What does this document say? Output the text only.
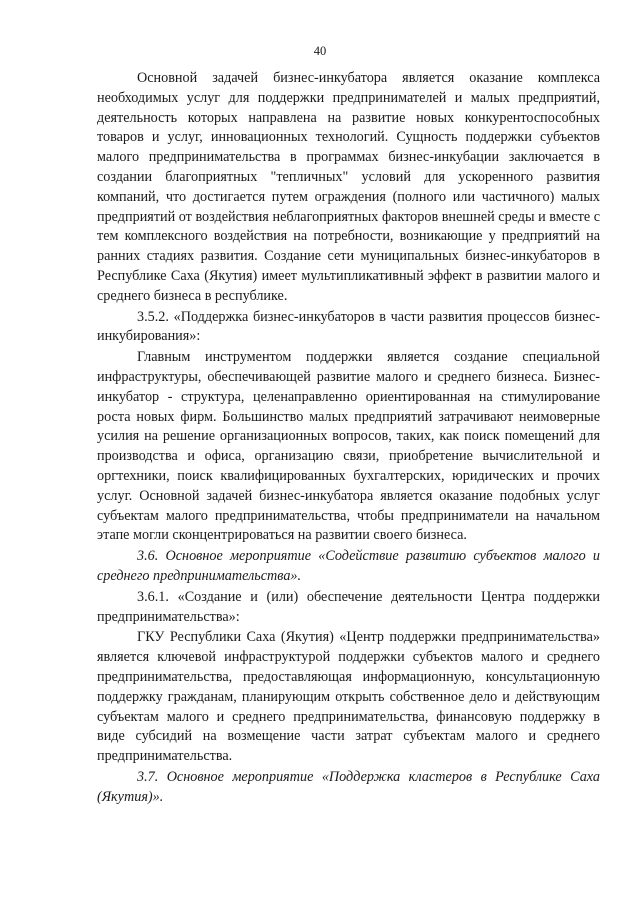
40

Основной задачей бизнес-инкубатора является оказание комплекса необходимых услуг для поддержки предпринимателей и малых предприятий, деятельность которых направлена на развитие новых конкурентоспособных товаров и услуг, инновационных технологий. Сущность поддержки субъектов малого предпринимательства в программах бизнес-инкубации заключается в создании благоприятных "тепличных" условий для ускоренного развития компаний, что достигается путем ограждения (полного или частичного) малых предприятий от воздействия неблагоприятных факторов внешней среды и вместе с тем комплексного воздействия на потребности, возникающие у предприятий на ранних стадиях развития. Создание сети муниципальных бизнес-инкубаторов в Республике Саха (Якутия) имеет мультипликативный эффект в развитии малого и среднего бизнеса в республике.

3.5.2. «Поддержка бизнес-инкубаторов в части развития процессов бизнес-инкубирования»:

Главным инструментом поддержки является создание специальной инфраструктуры, обеспечивающей развитие малого и среднего бизнеса. Бизнес-инкубатор - структура, целенаправленно ориентированная на стимулирование роста новых фирм. Большинство малых предприятий затрачивают неимоверные усилия на решение организационных вопросов, таких, как поиск помещений для производства и офиса, организацию связи, приобретение вычислительной и оргтехники, поиск квалифицированных бухгалтерских, юридических и прочих услуг. Основной задачей бизнес-инкубатора является оказание подобных услуг субъектам малого предпринимательства, чтобы предприниматели на начальном этапе могли сконцентрироваться на развитии своего бизнеса.

3.6. Основное мероприятие «Содействие развитию субъектов малого и среднего предпринимательства».

3.6.1. «Создание и (или) обеспечение деятельности Центра поддержки предпринимательства»:

ГКУ Республики Саха (Якутия) «Центр поддержки предпринимательства» является ключевой инфраструктурой поддержки субъектов малого и среднего предпринимательства, предоставляющая информационную, консультационную поддержку гражданам, планирующим открыть собственное дело и действующим субъектам малого и среднего предпринимательства, финансовую поддержку в виде субсидий на возмещение части затрат субъектам малого и среднего предпринимательства.

3.7. Основное мероприятие «Поддержка кластеров в Республике Саха (Якутия)».
